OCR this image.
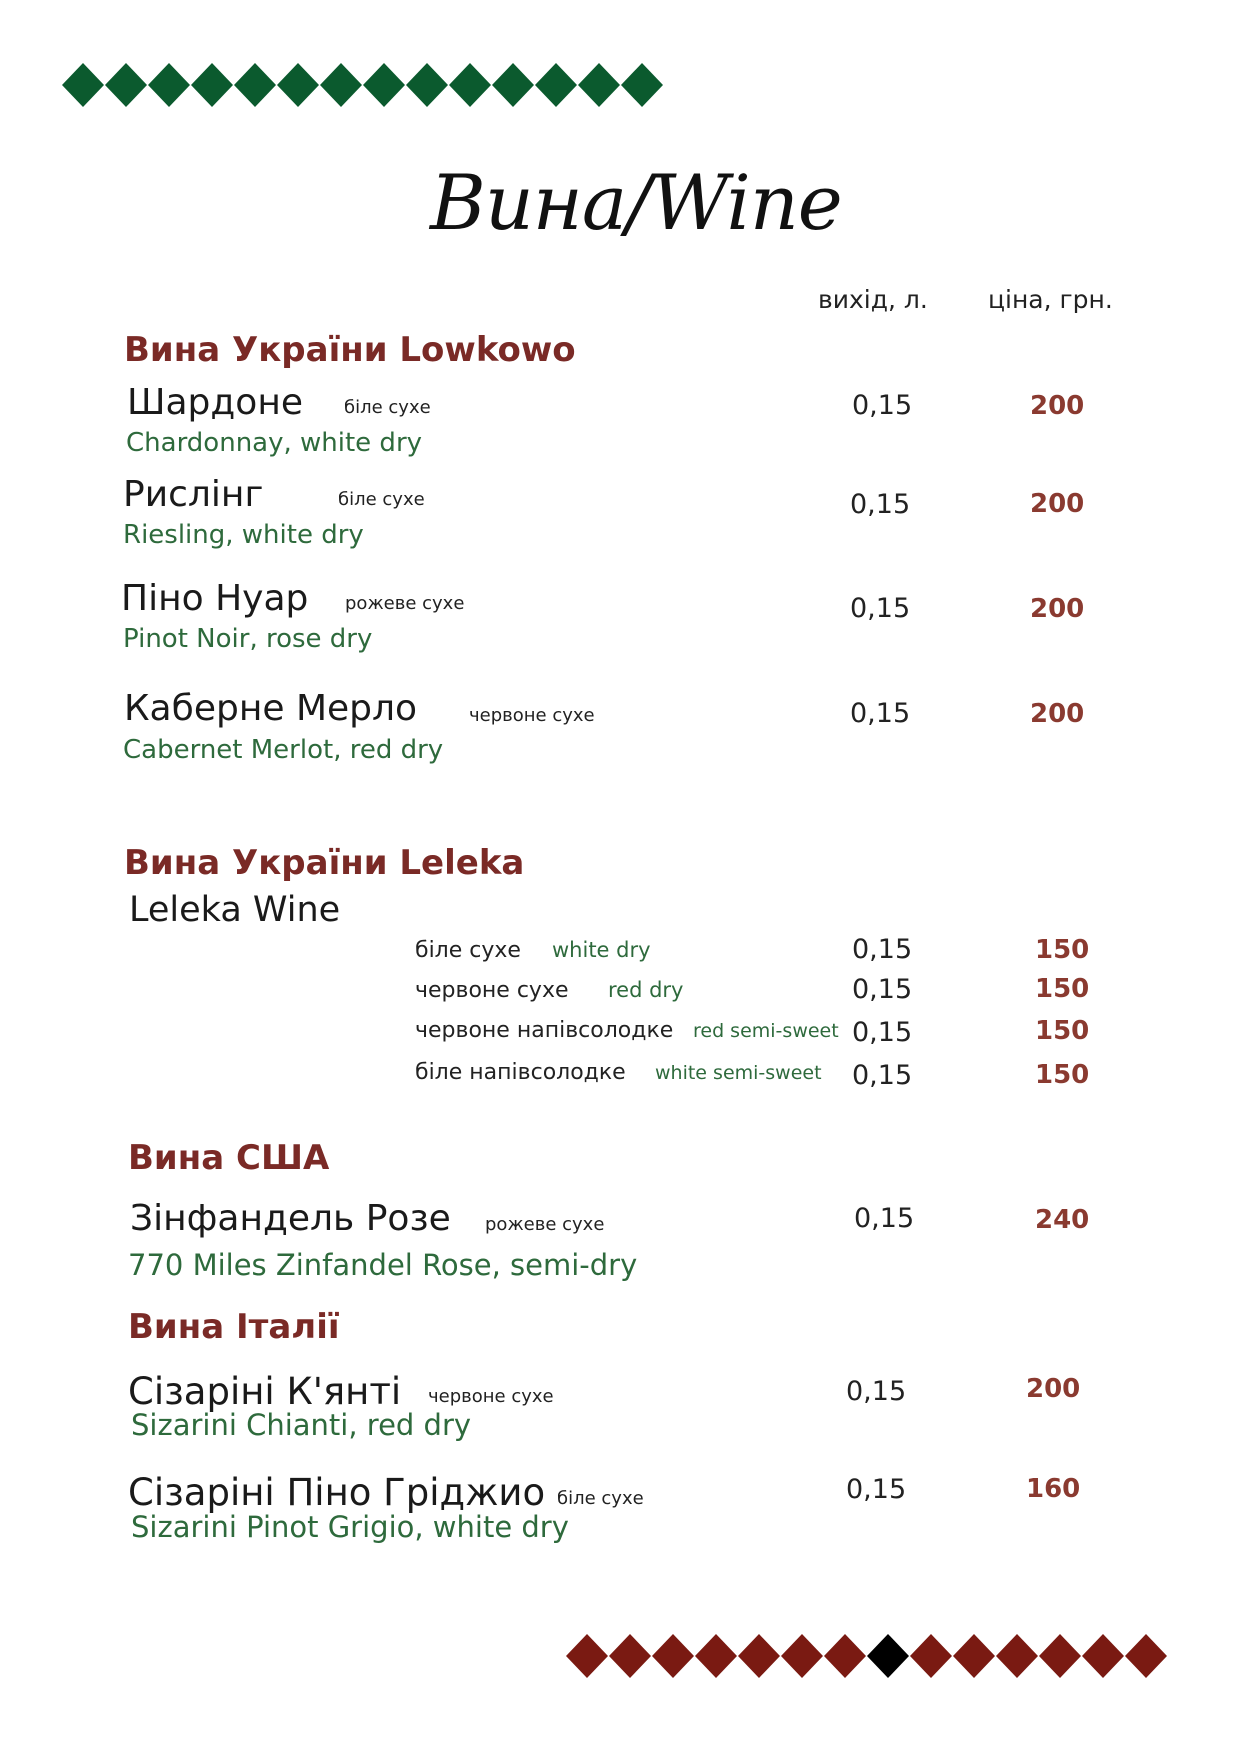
Вина/Wine
вихід, л. ціна, грн.
Вина України Lowkowo
Шардоне біле сухе
Chardonnay, white dry
0,15	200
Рислінг	біле сухе
Riesling, white dry
0,15	200
Піно Нуар рожеве сухе
Pinot Noir, rose dry
0,15	200
Каберне Мерло	червоне сухе
Cabernet Merlot, red dry
0,15	200
Вина України Leleka
Leleka Wine
біле сухе white dry	0,15	150
червоне сухе red dry	0,15	150
червоне напівсолодке red semi-sweet 0,15	150
біле напівсолодке white semi-sweet 0,15	150
Вина США
Зінфандель Розе рожеве сухе
770 Miles Zinfandel Rose, semi-dry
0,15	240
Вина Італії
Сізаріні К'янті червоне сухе
Sizarini Chianti, red dry
0,15	200
Сізаріні Піно Гріджио біле сухе
Sizarini Pinot Grigio, white dry
0,15	160
